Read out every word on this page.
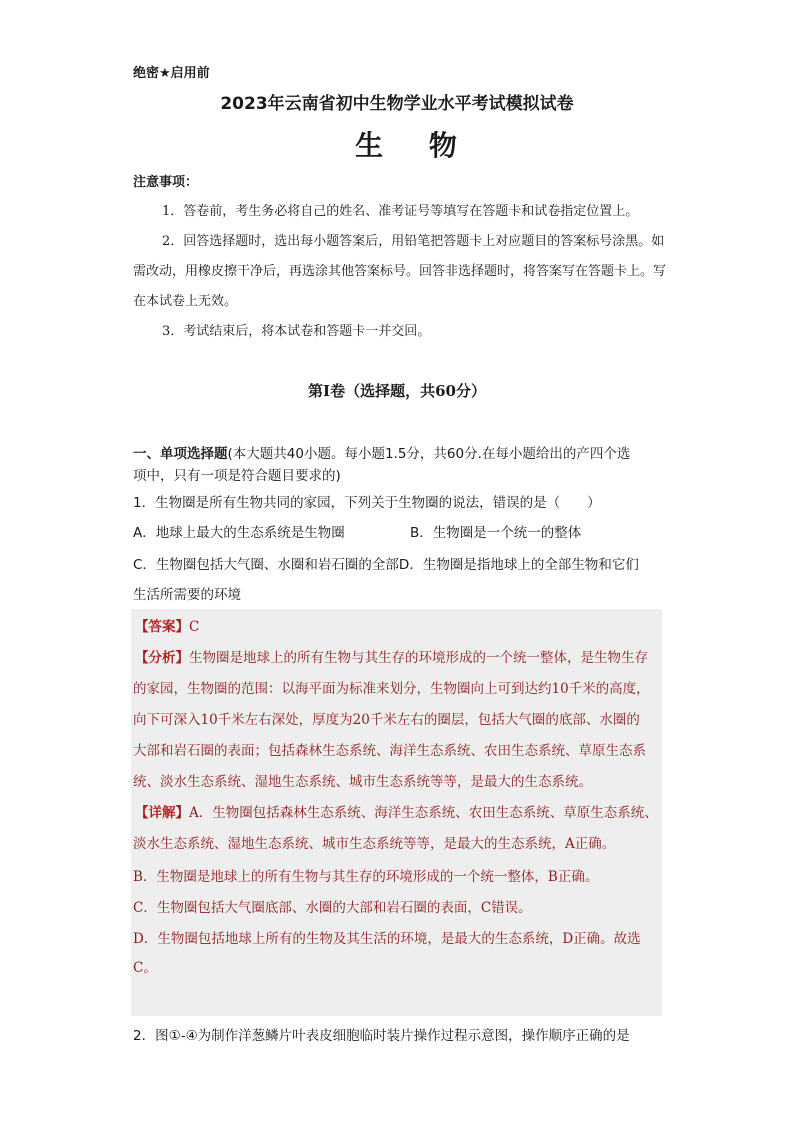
绝密★启用前
2023年云南省初中生物学业水平考试模拟试卷
生 物
注意事项：
1．答卷前，考生务必将自己的姓名、准考证号等填写在答题卡和试卷指定位置上。
2．回答选择题时，选出每小题答案后，用铅笔把答题卡上对应题目的答案标号涂黑。如
需改动，用橡皮擦干净后，再选涂其他答案标号。回答非选择题时，将答案写在答题卡上。写
在本试卷上无效。
3．考试结束后，将本试卷和答题卡一并交回。
第I卷（选择题，共60分）
一、单项选择题(本大题共40小题。每小题1.5分，共60分.在每小题给出的产四个选
项中，只有一项是符合题目要求的)
1．生物圈是所有生物共同的家园，下列关于生物圈的说法，错误的是（　　）
A．地球上最大的生态系统是生物圈	B．生物圈是一个统一的整体
C．生物圈包括大气圈、水圈和岩石圈的全部D．生物圈是指地球上的全部生物和它们
生活所需要的环境
【答案】C
【分析】生物圈是地球上的所有生物与其生存的环境形成的一个统一整体，是生物生存
的家园，生物圈的范围：以海平面为标准来划分，生物圈向上可到达约10千米的高度，
向下可深入10千米左右深处，厚度为20千米左右的圈层，包括大气圈的底部、水圈的
大部和岩石圈的表面；包括森林生态系统、海洋生态系统、农田生态系统、草原生态系
统、淡水生态系统、湿地生态系统、城市生态系统等等，是最大的生态系统。
【详解】A．生物圈包括森林生态系统、海洋生态系统、农田生态系统、草原生态系统、
淡水生态系统、湿地生态系统、城市生态系统等等，是最大的生态系统，A正确。
B．生物圈是地球上的所有生物与其生存的环境形成的一个统一整体，B正确。
C．生物圈包括大气圈底部、水圈的大部和岩石圈的表面，C错误。
D．生物圈包括地球上所有的生物及其生活的环境，是最大的生态系统，D正确。故选
C。
2．图①-④为制作洋葱鳞片叶表皮细胞临时装片操作过程示意图，操作顺序正确的是
